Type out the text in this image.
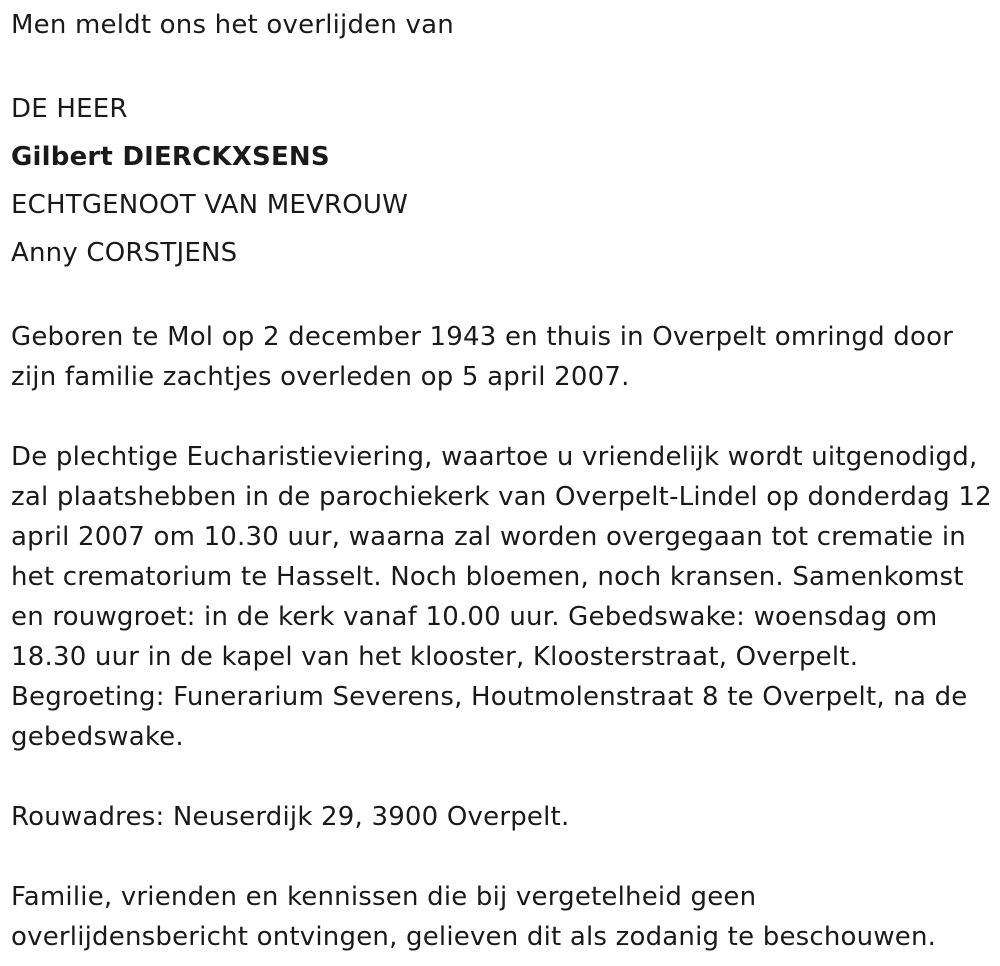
Men meldt ons het overlijden van

DE HEER

Gilbert DIERCKXSENS

ECHTGENOOT VAN MEVROUW

Anny CORSTJENS

Geboren te Mol op 2 december 1943 en thuis in Overpelt omringd door

zijn familie zachtjes overleden op 5 april 2007.

De plechtige Eucharistieviering, waartoe u vriendelijk wordt uitgenodigd,

zal plaatshebben in de parochiekerk van Overpelt-Lindel op donderdag 12

april 2007 om 10.30 uur, waarna zal worden overgegaan tot crematie in

het crematorium te Hasselt. Noch bloemen, noch kransen. Samenkomst

en rouwgroet: in de kerk vanaf 10.00 uur. Gebedswake: woensdag om

18.30 uur in de kapel van het klooster, Kloosterstraat, Overpelt.

Begroeting: Funerarium Severens, Houtmolenstraat 8 te Overpelt, na de

gebedswake.

Rouwadres: Neuserdijk 29, 3900 Overpelt.

Familie, vrienden en kennissen die bij vergetelheid geen

overlijdensbericht ontvingen, gelieven dit als zodanig te beschouwen.
